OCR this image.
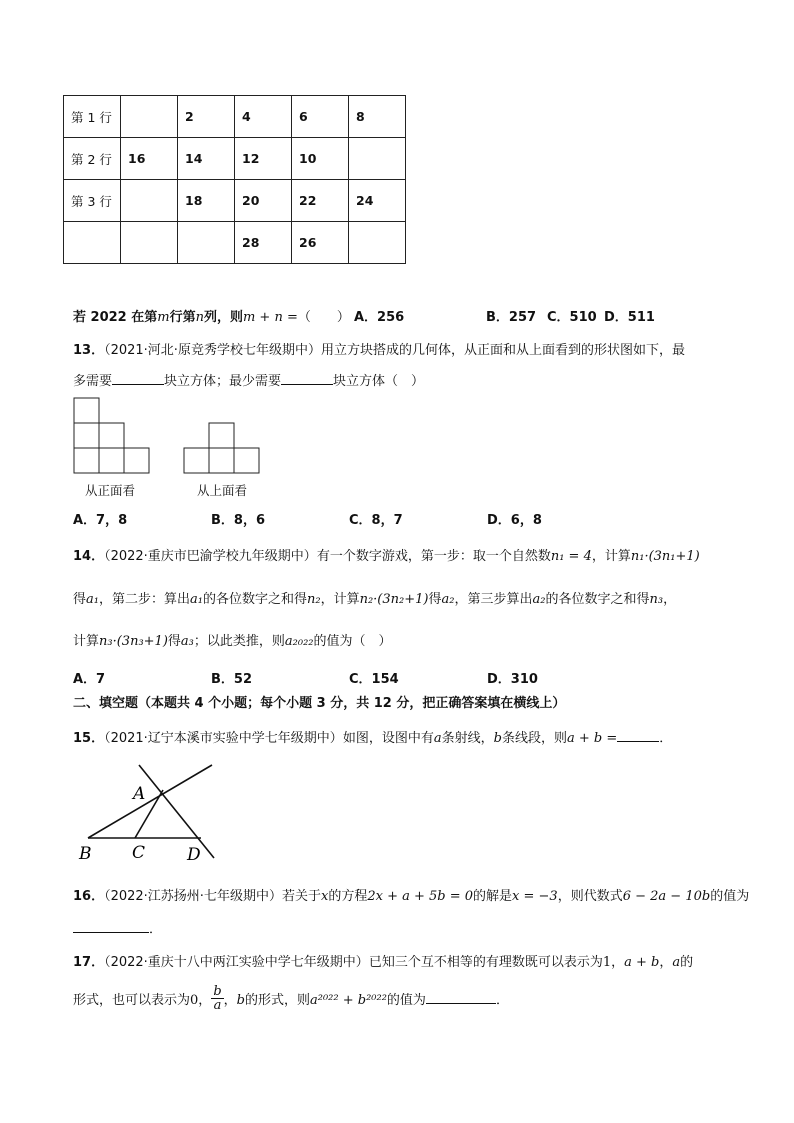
第 1 行		2	4	6	8
第 2 行	16	14	12	10	
第 3 行		18	20	22	24
			28	26	
若 2022 在第m行第n列，则m + n =（　　） A．256	B．257 C．510 D．511
13．（2021·河北·原竞秀学校七年级期中）用立方块搭成的几何体，从正面和从上面看到的形状图如下，最
多需要	块立方体；最少需要	块立方体（　）
从正面看	从上面看
A．7，8	B．8，6	C．8，7	D．6，8
14．（2022·重庆市巴渝学校九年级期中）有一个数字游戏，第一步：取一个自然数n₁ = 4，计算n₁·(3n₁+1)
得a₁，第二步：算出a₁的各位数字之和得n₂，计算n₂·(3n₂+1)得a₂，第三步算出a₂的各位数字之和得n₃，
计算n₃·(3n₃+1)得a₃；以此类推，则a₂₀₂₂的值为（　）
A．7	B．52	C．154	D．310
二、填空题（本题共 4 个小题；每个小题 3 分，共 12 分，把正确答案填在横线上）
15．（2021·辽宁本溪市实验中学七年级期中）如图，设图中有a条射线，b条线段，则a + b =	．
A
B C D
16．（2022·江苏扬州·七年级期中）若关于x的方程2x + a + 5b = 0的解是x = −3，则代数式6 − 2a − 10b的值为
．
17．（2022·重庆十八中两江实验中学七年级期中）已知三个互不相等的有理数既可以表示为1，a + b，a的
形式，也可以表示为0， $\frac{b}{a}$ ，b的形式，则a²⁰²² + b²⁰²²的值为	．
